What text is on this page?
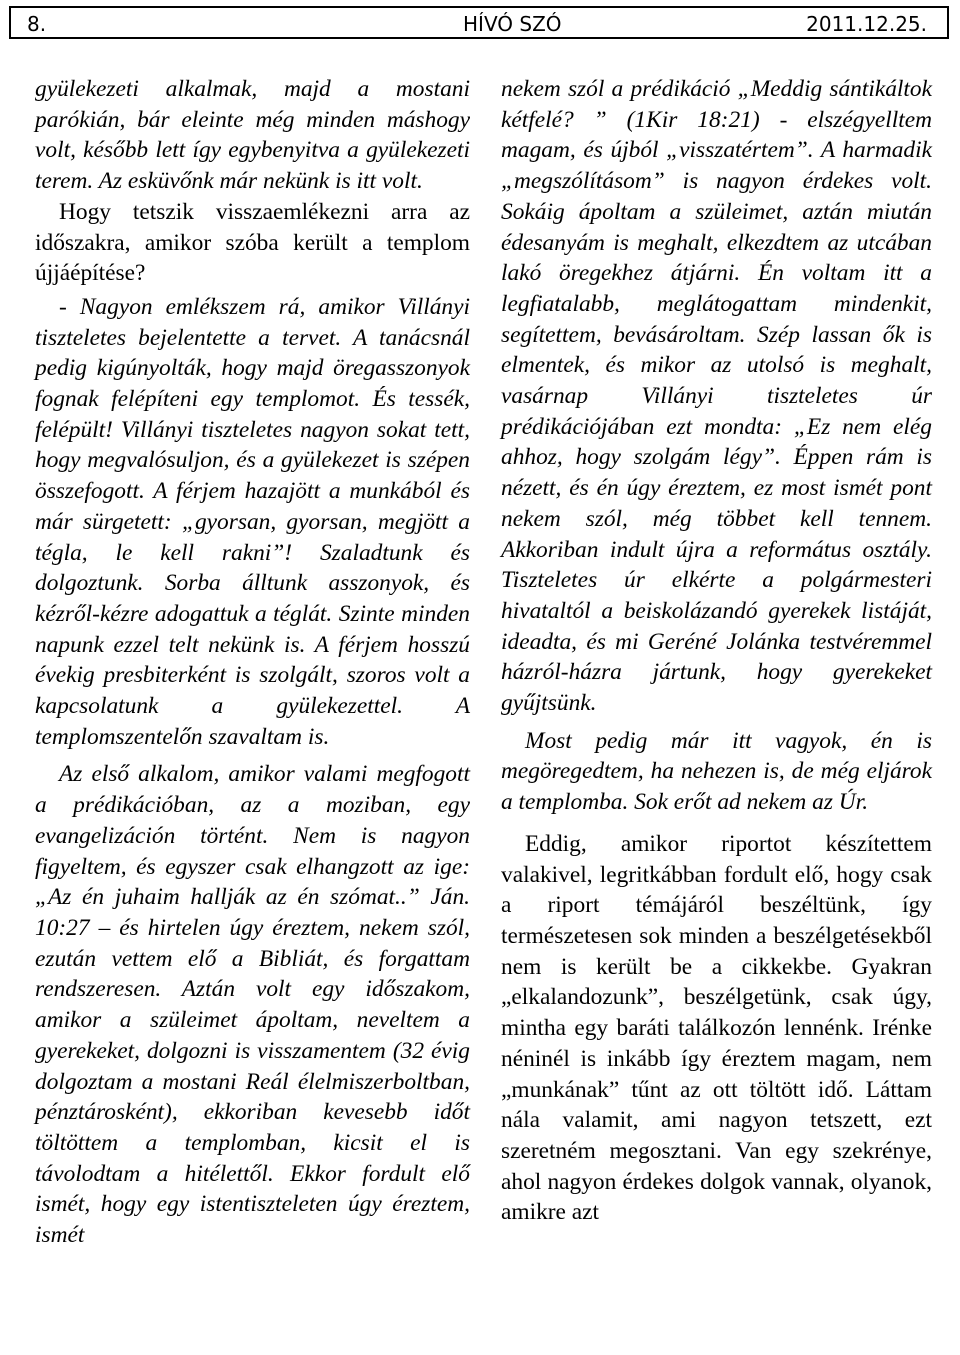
8.	HÍVÓ SZÓ	2011.12.25.

gyülekezeti alkalmak, majd a mostani parókián, bár eleinte még minden máshogy volt, később lett így egybenyitva a gyülekezeti terem. Az esküvőnk már nekünk is itt volt.

Hogy tetszik visszaemlékezni arra az időszakra, amikor szóba került a templom újjáépítése?

- Nagyon emlékszem rá, amikor Villányi tiszteletes bejelentette a tervet. A tanácsnál pedig kigúnyolták, hogy majd öregasszonyok fognak felépíteni egy templomot. És tessék, felépült! Villányi tiszteletes nagyon sokat tett, hogy megvalósuljon, és a gyülekezet is szépen összefogott. A férjem hazajött a munkából és már sürgetett: „gyorsan, gyorsan, megjött a tégla, le kell rakni”! Szaladtunk és dolgoztunk. Sorba álltunk asszonyok, és kézről-kézre adogattuk a téglát. Szinte minden napunk ezzel telt nekünk is. A férjem hosszú évekig presbiterként is szolgált, szoros volt a kapcsolatunk a gyülekezettel. A templomszentelőn szavaltam is.

Az első alkalom, amikor valami megfogott a prédikációban, az a moziban, egy evangelizáción történt. Nem is nagyon figyeltem, és egyszer csak elhangzott az ige: „Az én juhaim hallják az én szómat..” Ján. 10:27 – és hirtelen úgy éreztem, nekem szól, ezután vettem elő a Bibliát, és forgattam rendszeresen. Aztán volt egy időszakom, amikor a szüleimet ápoltam, neveltem a gyerekeket, dolgozni is visszamentem (32 évig dolgoztam a mostani Reál élelmiszerboltban, pénztárosként), ekkoriban kevesebb időt töltöttem a templomban, kicsit el is távolodtam a hitélettől. Ekkor fordult elő ismét, hogy egy istentiszteleten úgy éreztem, ismét

nekem szól a prédikáció „Meddig sántikáltok kétfelé? ” (1Kir 18:21) - elszégyelltem magam, és újból „visszatértem”. A harmadik „megszólításom” is nagyon érdekes volt. Sokáig ápoltam a szüleimet, aztán miután édesanyám is meghalt, elkezdtem az utcában lakó öregekhez átjárni. Én voltam itt a legfiatalabb, meglátogattam mindenkit, segítettem, bevásároltam. Szép lassan ők is elmentek, és mikor az utolsó is meghalt, vasárnap Villányi tiszteletes úr prédikációjában ezt mondta: „Ez nem elég ahhoz, hogy szolgám légy”. Éppen rám is nézett, és én úgy éreztem, ez most ismét pont nekem szól, még többet kell tennem. Akkoriban indult újra a református osztály. Tiszteletes úr elkérte a polgármesteri hivataltól a beiskolázandó gyerekek listáját, ideadta, és mi Geréné Jolánka testvéremmel házról-házra jártunk, hogy gyerekeket gyűjtsünk.

Most pedig már itt vagyok, én is megöregedtem, ha nehezen is, de még eljárok a templomba. Sok erőt ad nekem az Úr.

Eddig, amikor riportot készítettem valakivel, legritkábban fordult elő, hogy csak a riport témájáról beszéltünk, így természetesen sok minden a beszélgetésekből nem is került be a cikkekbe. Gyakran „elkalandozunk”, beszélgetünk, csak úgy, mintha egy baráti találkozón lennénk. Irénke néninél is inkább így éreztem magam, nem „munkának” tűnt az ott töltött idő. Láttam nála valamit, ami nagyon tetszett, ezt szeretném megosztani. Van egy szekrénye, ahol nagyon érdekes dolgok vannak, olyanok, amikre azt
